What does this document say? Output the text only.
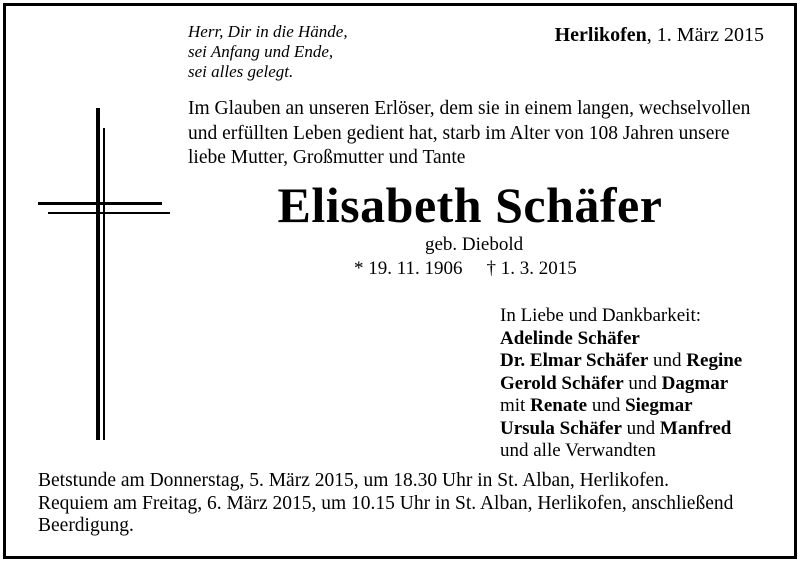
Herr, Dir in die Hände,
sei Anfang und Ende,
sei alles gelegt.
Herlikofen, 1. März 2015
Im Glauben an unseren Erlöser, dem sie in einem langen, wechselvollen
und erfüllten Leben gedient hat, starb im Alter von 108 Jahren unsere
liebe Mutter, Großmutter und Tante
Elisabeth Schäfer
geb. Diebold
* 19. 11. 1906 † 1. 3. 2015
In Liebe und Dankbarkeit:
Adelinde Schäfer
Dr. Elmar Schäfer und Regine
Gerold Schäfer und Dagmar
mit Renate und Siegmar
Ursula Schäfer und Manfred
und alle Verwandten
Betstunde am Donnerstag, 5. März 2015, um 18.30 Uhr in St. Alban, Herlikofen.
Requiem am Freitag, 6. März 2015, um 10.15 Uhr in St. Alban, Herlikofen, anschließend
Beerdigung.
